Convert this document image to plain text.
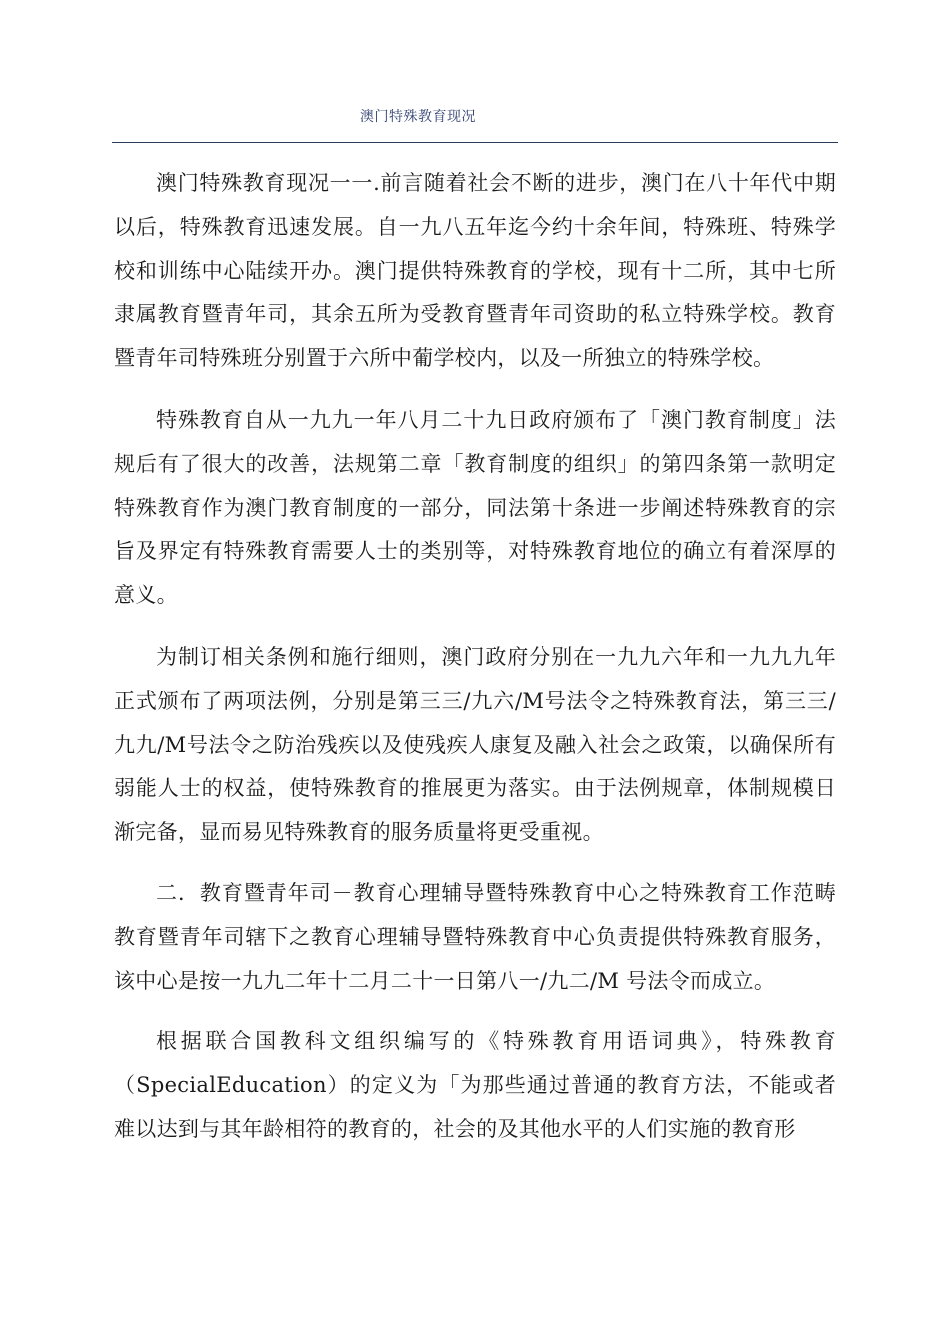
澳门特殊教育现况

澳门特殊教育现况一一.前言随着社会不断的进步，澳门在八十年代中期以后，特殊教育迅速发展。自一九八五年迄今约十余年间，特殊班、特殊学校和训练中心陆续开办。澳门提供特殊教育的学校，现有十二所，其中七所隶属教育暨青年司，其余五所为受教育暨青年司资助的私立特殊学校。教育暨青年司特殊班分别置于六所中葡学校内，以及一所独立的特殊学校。

特殊教育自从一九九一年八月二十九日政府颁布了「澳门教育制度」法规后有了很大的改善，法规第二章「教育制度的组织」的第四条第一款明定特殊教育作为澳门教育制度的一部分，同法第十条进一步阐述特殊教育的宗旨及界定有特殊教育需要人士的类别等，对特殊教育地位的确立有着深厚的意义。

为制订相关条例和施行细则，澳门政府分别在一九九六年和一九九九年正式颁布了两项法例，分别是第三三/九六/M号法令之特殊教育法，第三三/九九/M号法令之防治残疾以及使残疾人康复及融入社会之政策，以确保所有弱能人士的权益，使特殊教育的推展更为落实。由于法例规章，体制规模日渐完备，显而易见特殊教育的服务质量将更受重视。

二．教育暨青年司－教育心理辅导暨特殊教育中心之特殊教育工作范畴教育暨青年司辖下之教育心理辅导暨特殊教育中心负责提供特殊教育服务，该中心是按一九九二年十二月二十一日第八一/九二/M 号法令而成立。

根据联合国教科文组织编写的《特殊教育用语词典》，特殊教育（SpecialEducation）的定义为「为那些通过普通的教育方法，不能或者难以达到与其年龄相符的教育的，社会的及其他水平的人们实施的教育形
